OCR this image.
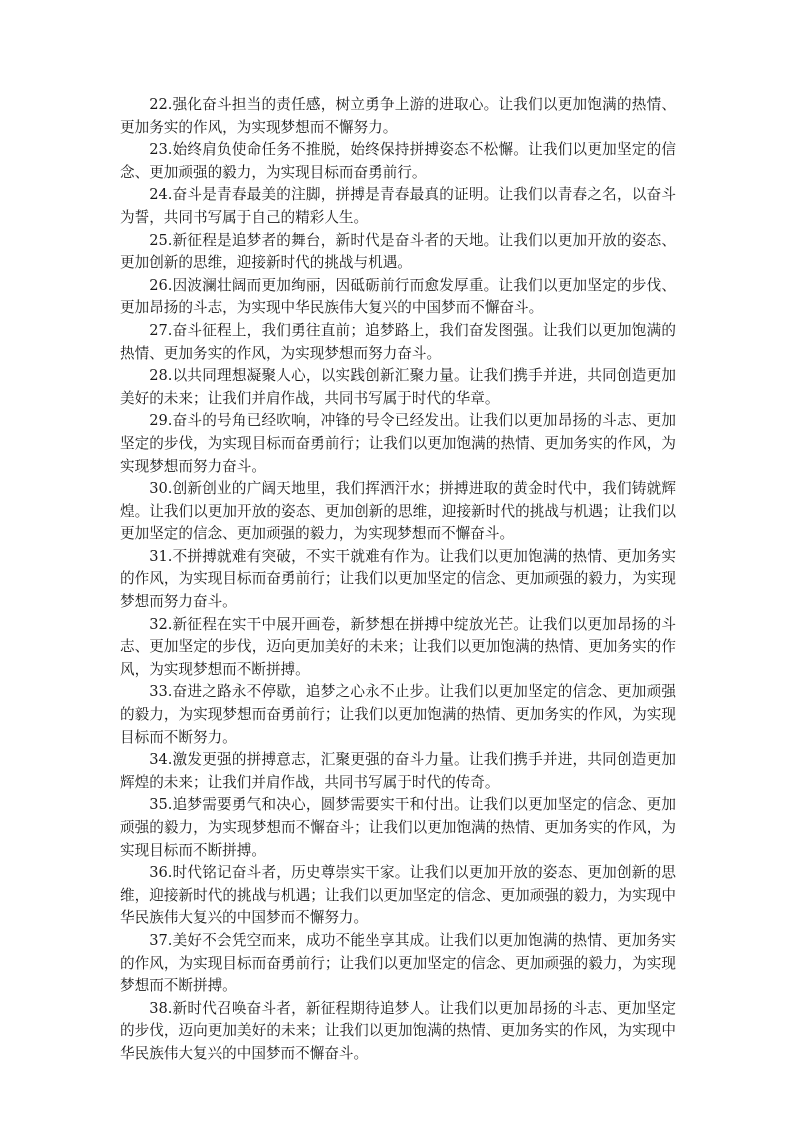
22.强化奋斗担当的责任感，树立勇争上游的进取心。让我们以更加饱满的热情、更加务实的作风，为实现梦想而不懈努力。

23.始终肩负使命任务不推脱，始终保持拼搏姿态不松懈。让我们以更加坚定的信念、更加顽强的毅力，为实现目标而奋勇前行。

24.奋斗是青春最美的注脚，拼搏是青春最真的证明。让我们以青春之名，以奋斗为誓，共同书写属于自己的精彩人生。

25.新征程是追梦者的舞台，新时代是奋斗者的天地。让我们以更加开放的姿态、更加创新的思维，迎接新时代的挑战与机遇。

26.因波澜壮阔而更加绚丽，因砥砺前行而愈发厚重。让我们以更加坚定的步伐、更加昂扬的斗志，为实现中华民族伟大复兴的中国梦而不懈奋斗。

27.奋斗征程上，我们勇往直前；追梦路上，我们奋发图强。让我们以更加饱满的热情、更加务实的作风，为实现梦想而努力奋斗。

28.以共同理想凝聚人心，以实践创新汇聚力量。让我们携手并进，共同创造更加美好的未来；让我们并肩作战，共同书写属于时代的华章。

29.奋斗的号角已经吹响，冲锋的号令已经发出。让我们以更加昂扬的斗志、更加坚定的步伐，为实现目标而奋勇前行；让我们以更加饱满的热情、更加务实的作风，为实现梦想而努力奋斗。

30.创新创业的广阔天地里，我们挥洒汗水；拼搏进取的黄金时代中，我们铸就辉煌。让我们以更加开放的姿态、更加创新的思维，迎接新时代的挑战与机遇；让我们以更加坚定的信念、更加顽强的毅力，为实现梦想而不懈奋斗。

31.不拼搏就难有突破，不实干就难有作为。让我们以更加饱满的热情、更加务实的作风，为实现目标而奋勇前行；让我们以更加坚定的信念、更加顽强的毅力，为实现梦想而努力奋斗。

32.新征程在实干中展开画卷，新梦想在拼搏中绽放光芒。让我们以更加昂扬的斗志、更加坚定的步伐，迈向更加美好的未来；让我们以更加饱满的热情、更加务实的作风，为实现梦想而不断拼搏。

33.奋进之路永不停歇，追梦之心永不止步。让我们以更加坚定的信念、更加顽强的毅力，为实现梦想而奋勇前行；让我们以更加饱满的热情、更加务实的作风，为实现目标而不断努力。

34.激发更强的拼搏意志，汇聚更强的奋斗力量。让我们携手并进，共同创造更加辉煌的未来；让我们并肩作战，共同书写属于时代的传奇。

35.追梦需要勇气和决心，圆梦需要实干和付出。让我们以更加坚定的信念、更加顽强的毅力，为实现梦想而不懈奋斗；让我们以更加饱满的热情、更加务实的作风，为实现目标而不断拼搏。

36.时代铭记奋斗者，历史尊崇实干家。让我们以更加开放的姿态、更加创新的思维，迎接新时代的挑战与机遇；让我们以更加坚定的信念、更加顽强的毅力，为实现中华民族伟大复兴的中国梦而不懈努力。

37.美好不会凭空而来，成功不能坐享其成。让我们以更加饱满的热情、更加务实的作风，为实现目标而奋勇前行；让我们以更加坚定的信念、更加顽强的毅力，为实现梦想而不断拼搏。

38.新时代召唤奋斗者，新征程期待追梦人。让我们以更加昂扬的斗志、更加坚定的步伐，迈向更加美好的未来；让我们以更加饱满的热情、更加务实的作风，为实现中华民族伟大复兴的中国梦而不懈奋斗。
